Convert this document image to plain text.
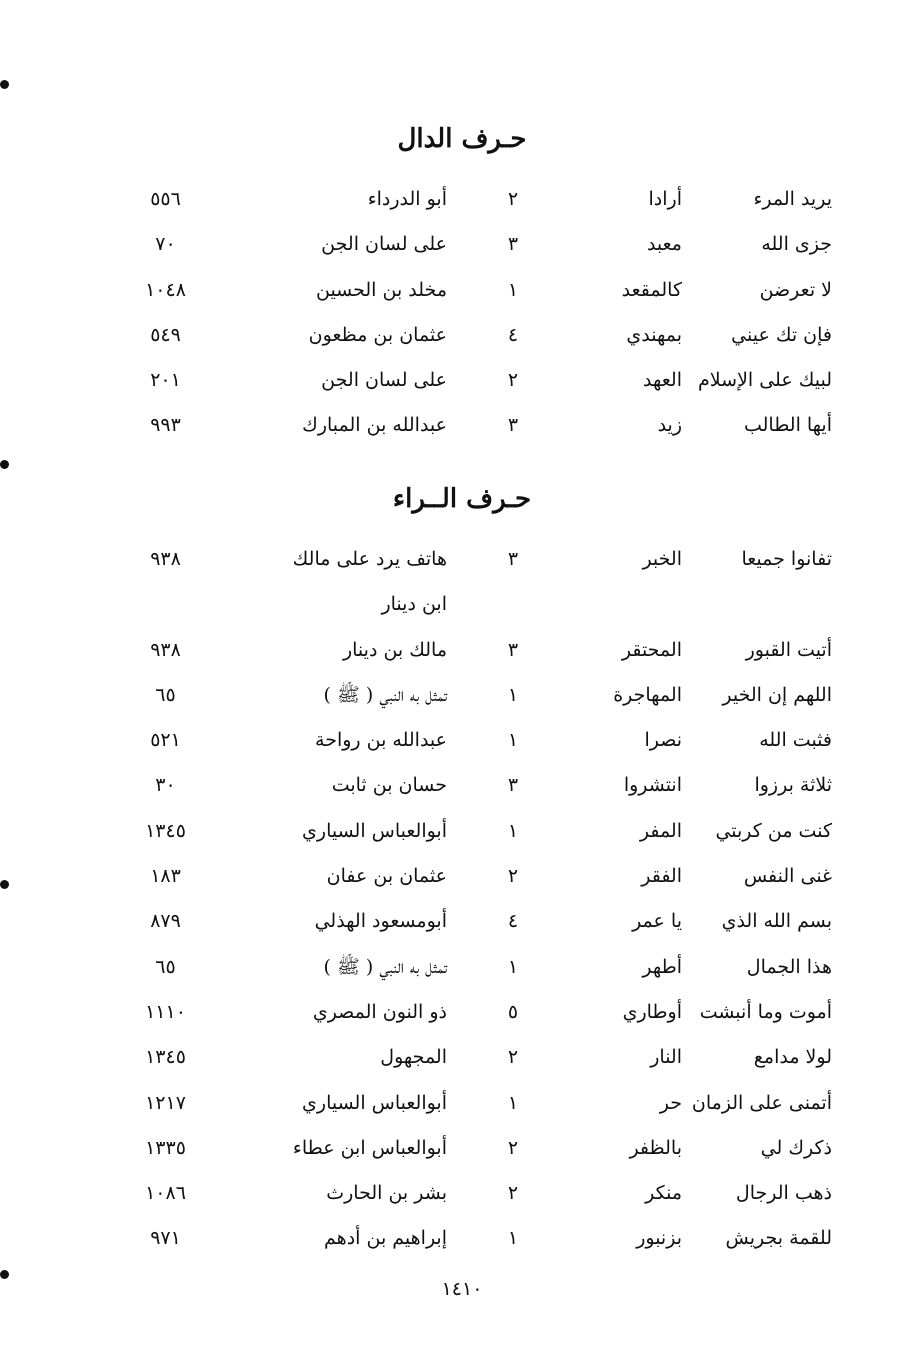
حـرف الدال
يريد المرء
أرادا
٢
أبو الدرداء
٥٥٦
جزى الله
معبد
٣
على لسان الجن
٧٠
لا تعرضن
كالمقعد
١
مخلد بن الحسين
١٠٤٨
فإن تك عيني
بمهندي
٤
عثمان بن مظعون
٥٤٩
لبيك على الإسلام
العهد
٢
على لسان الجن
٢٠١
أيها الطالب
زيد
٣
عبدالله بن المبارك
٩٩٣
حـرف الــراء
تفانوا جميعا
الخبر
٣
هاتف يرد على مالك
٩٣٨
ابن دينار
أتيت القبور
المحتقر
٣
مالك بن دينار
٩٣٨
اللهم إن الخير
المهاجرة
١
تمثل به النبي ( ﷺ )
٦٥
فثبت الله
نصرا
١
عبدالله بن رواحة
٥٢١
ثلاثة برزوا
انتشروا
٣
حسان بن ثابت
٣٠
كنت من كربتي
المفر
١
أبوالعباس السياري
١٣٤٥
غنى النفس
الفقر
٢
عثمان بن عفان
١٨٣
بسم الله الذي
يا عمر
٤
أبومسعود الهذلي
٨٧٩
هذا الجمال
أطهر
١
تمثل به النبي ( ﷺ )
٦٥
أموت وما أنبشت
أوطاري
٥
ذو النون المصري
١١١٠
لولا مدامع
النار
٢
المجهول
١٣٤٥
أتمنى على الزمان
حر
١
أبوالعباس السياري
١٢١٧
ذكرك لي
بالظفر
٢
أبوالعباس ابن عطاء
١٣٣٥
ذهب الرجال
منكر
٢
بشر بن الحارث
١٠٨٦
للقمة بجريش
بزنبور
١
إبراهيم بن أدهم
٩٧١
١٤١٠
